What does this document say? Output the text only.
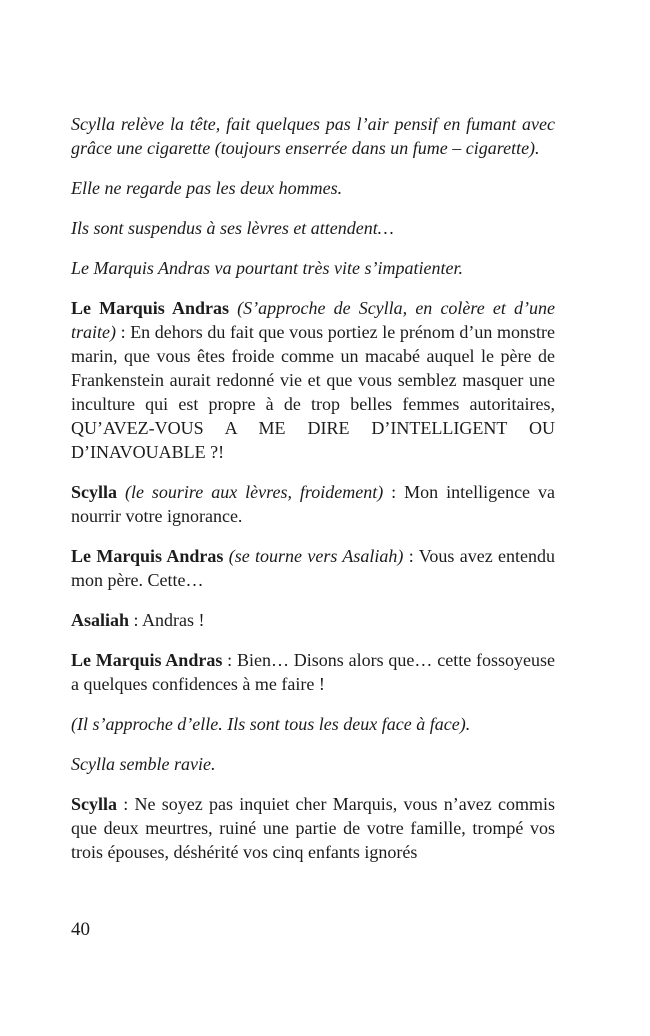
Scylla relève la tête, fait quelques pas l’air pensif en fumant avec grâce une cigarette (toujours enserrée dans un fume – cigarette).

Elle ne regarde pas les deux hommes.

Ils sont suspendus à ses lèvres et attendent…

Le Marquis Andras va pourtant très vite s’impatienter.

Le Marquis Andras (S’approche de Scylla, en colère et d’une traite) : En dehors du fait que vous portiez le prénom d’un monstre marin, que vous êtes froide comme un macabé auquel le père de Frankenstein aurait redonné vie et que vous semblez masquer une inculture qui est propre à de trop belles femmes autoritaires, QU’AVEZ-VOUS A ME DIRE D’INTELLIGENT OU D’INAVOUABLE ?!

Scylla (le sourire aux lèvres, froidement) : Mon intelligence va nourrir votre ignorance.

Le Marquis Andras (se tourne vers Asaliah) : Vous avez entendu mon père. Cette…

Asaliah : Andras !

Le Marquis Andras : Bien… Disons alors que… cette fossoyeuse a quelques confidences à me faire !

(Il s’approche d’elle. Ils sont tous les deux face à face).

Scylla semble ravie.

Scylla : Ne soyez pas inquiet cher Marquis, vous n’avez commis que deux meurtres, ruiné une partie de votre famille, trompé vos trois épouses, déshérité vos cinq enfants ignorés

40
